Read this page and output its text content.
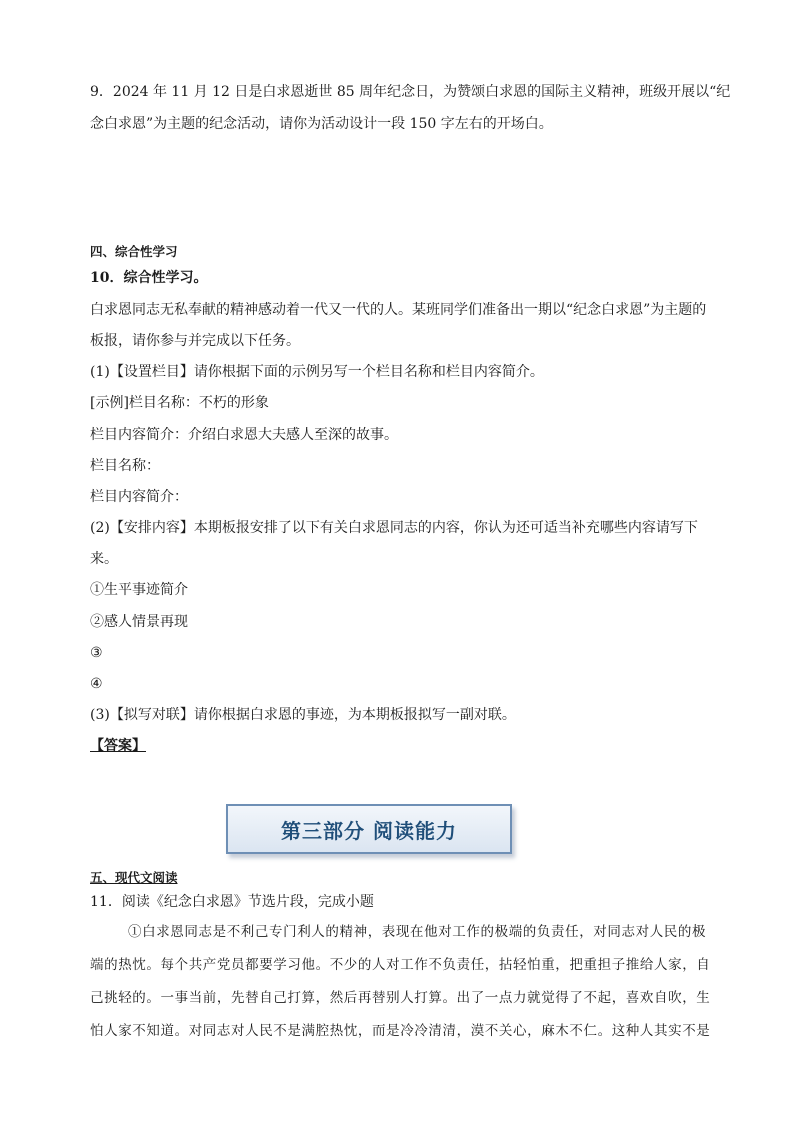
9．2024 年 11 月 12 日是白求恩逝世 85 周年纪念日，为赞颂白求恩的国际主义精神，班级开展以“纪
念白求恩”为主题的纪念活动，请你为活动设计一段 150 字左右的开场白。
四、综合性学习
10．综合性学习。
白求恩同志无私奉献的精神感动着一代又一代的人。某班同学们准备出一期以“纪念白求恩”为主题的
板报，请你参与并完成以下任务。
(1)【设置栏目】请你根据下面的示例另写一个栏目名称和栏目内容简介。
[示例]栏目名称：不朽的形象
栏目内容简介：介绍白求恩大夫感人至深的故事。
栏目名称：
栏目内容简介：
(2)【安排内容】本期板报安排了以下有关白求恩同志的内容，你认为还可适当补充哪些内容请写下
来。
①生平事迹简介
②感人情景再现
③
④
(3)【拟写对联】请你根据白求恩的事迹，为本期板报拟写一副对联。
【答案】
第三部分 阅读能力
五、现代文阅读
11．阅读《纪念白求恩》节选片段，完成小题
①白求恩同志是不利己专门利人的精神，表现在他对工作的极端的负责任，对同志对人民的极
端的热忱。每个共产党员都要学习他。不少的人对工作不负责任，拈轻怕重，把重担子推给人家，自
己挑轻的。一事当前，先替自己打算，然后再替别人打算。出了一点力就觉得了不起，喜欢自吹，生
怕人家不知道。对同志对人民不是满腔热忱，而是冷冷清清，漠不关心，麻木不仁。这种人其实不是
